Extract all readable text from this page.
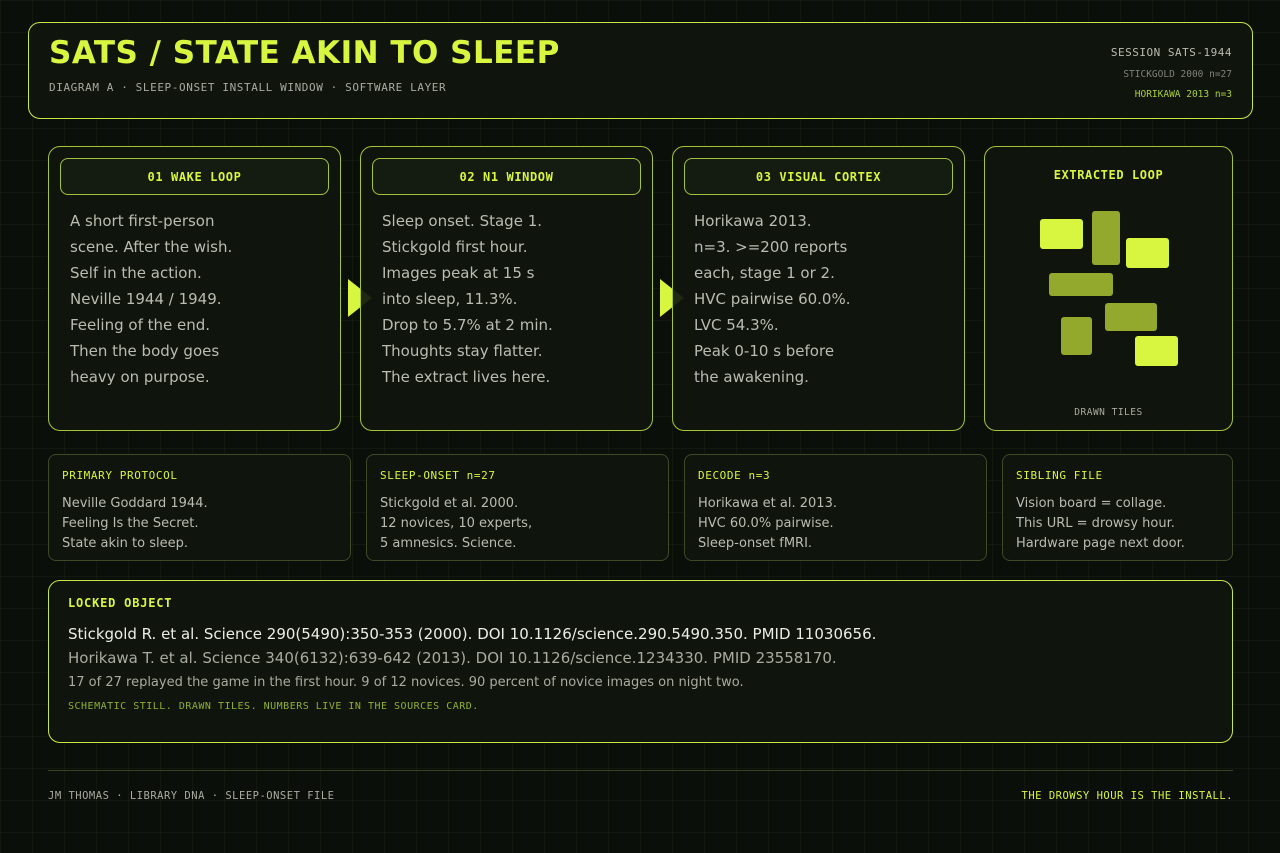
SATS / STATE AKIN TO SLEEP
DIAGRAM A · SLEEP-ONSET INSTALL WINDOW · SOFTWARE LAYER
SESSION SATS-1944
STICKGOLD 2000 n=27
HORIKAWA 2013 n=3
01 WAKE LOOP
A short first-person
scene. After the wish.
Self in the action.
Neville 1944 / 1949.
Feeling of the end.
Then the body goes
heavy on purpose.
02 N1 WINDOW
Sleep onset. Stage 1.
Stickgold first hour.
Images peak at 15 s
into sleep, 11.3%.
Drop to 5.7% at 2 min.
Thoughts stay flatter.
The extract lives here.
03 VISUAL CORTEX
Horikawa 2013.
n=3. >=200 reports
each, stage 1 or 2.
HVC pairwise 60.0%.
LVC 54.3%.
Peak 0-10 s before
the awakening.
EXTRACTED LOOP
DRAWN TILES
PRIMARY PROTOCOL
Neville Goddard 1944.
Feeling Is the Secret.
State akin to sleep.
SLEEP-ONSET n=27
Stickgold et al. 2000.
12 novices, 10 experts,
5 amnesics. Science.
DECODE n=3
Horikawa et al. 2013.
HVC 60.0% pairwise.
Sleep-onset fMRI.
SIBLING FILE
Vision board = collage.
This URL = drowsy hour.
Hardware page next door.
LOCKED OBJECT
Stickgold R. et al. Science 290(5490):350-353 (2000). DOI 10.1126/science.290.5490.350. PMID 11030656.
Horikawa T. et al. Science 340(6132):639-642 (2013). DOI 10.1126/science.1234330. PMID 23558170.
17 of 27 replayed the game in the first hour. 9 of 12 novices. 90 percent of novice images on night two.
SCHEMATIC STILL. DRAWN TILES. NUMBERS LIVE IN THE SOURCES CARD.
JM THOMAS · LIBRARY DNA · SLEEP-ONSET FILE	THE DROWSY HOUR IS THE INSTALL.
